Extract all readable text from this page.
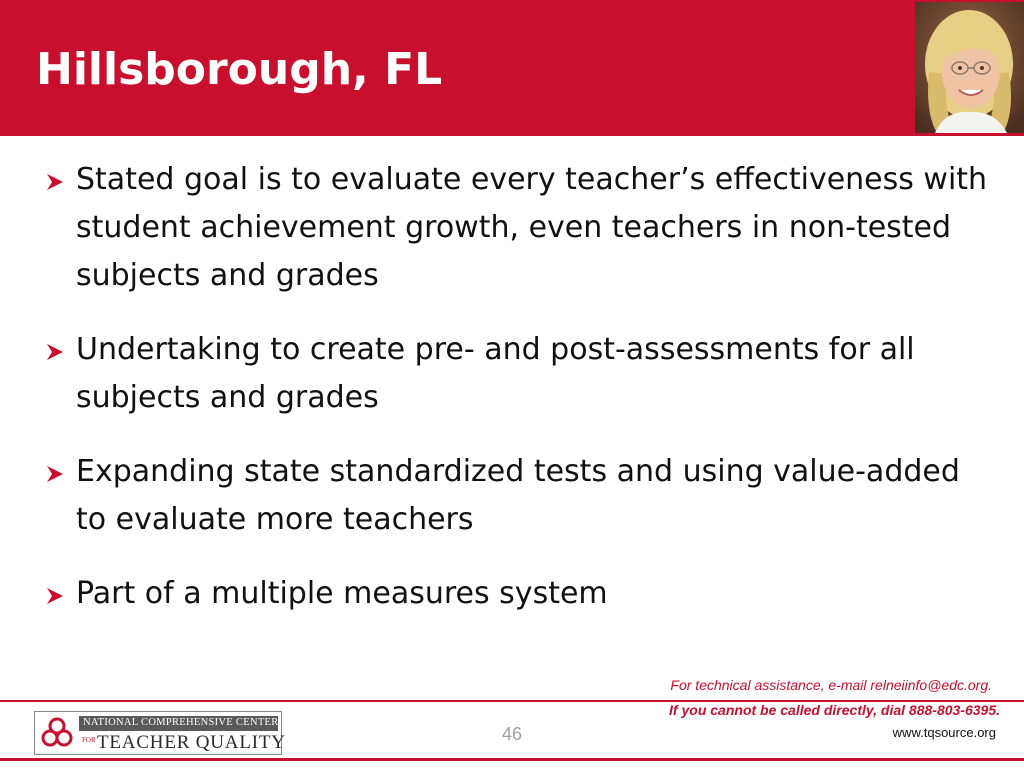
Hillsborough, FL
Stated goal is to evaluate every teacher’s effectiveness with student achievement growth, even teachers in non-tested subjects and grades
Undertaking to create pre- and post-assessments for all subjects and grades
Expanding state standardized tests and using value-added to evaluate more teachers
Part of a multiple measures system
For technical assistance, e-mail relneiinfo@edc.org.
If you cannot be called directly, dial 888-803-6395.
46	www.tqsource.org
NATIONAL COMPREHENSIVE CENTER
FOR TEACHER QUALITY
